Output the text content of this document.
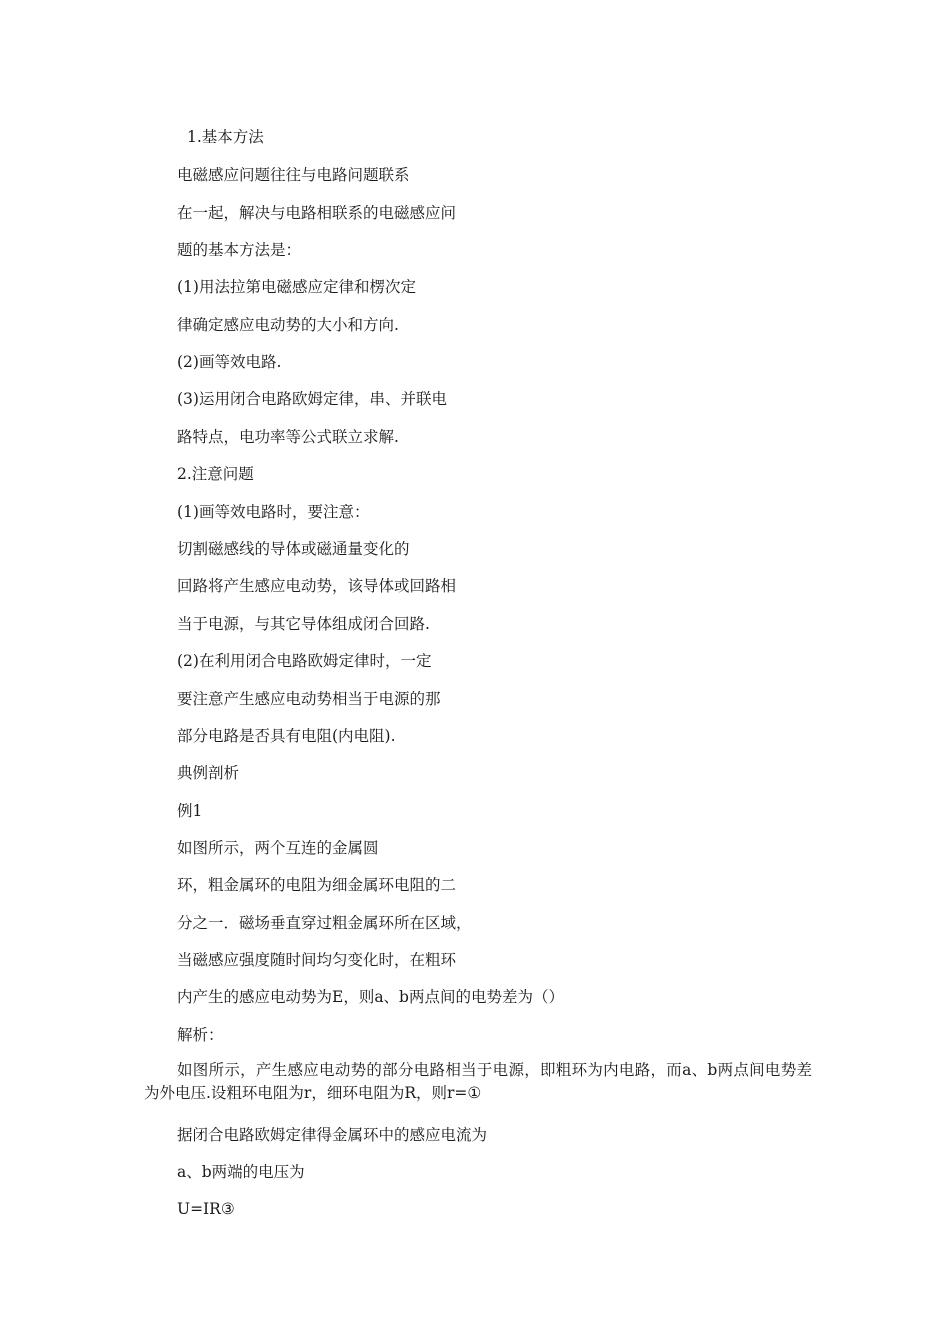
1.基本方法
电磁感应问题往往与电路问题联系
在一起，解决与电路相联系的电磁感应问
题的基本方法是：
(1)用法拉第电磁感应定律和楞次定
律确定感应电动势的大小和方向.
(2)画等效电路.
(3)运用闭合电路欧姆定律，串、并联电
路特点，电功率等公式联立求解.
2.注意问题
(1)画等效电路时，要注意：
切割磁感线的导体或磁通量变化的
回路将产生感应电动势，该导体或回路相
当于电源，与其它导体组成闭合回路.
(2)在利用闭合电路欧姆定律时，一定
要注意产生感应电动势相当于电源的那
部分电路是否具有电阻(内电阻).
典例剖析
例1
如图所示，两个互连的金属圆
环，粗金属环的电阻为细金属环电阻的二
分之一．磁场垂直穿过粗金属环所在区域，
当磁感应强度随时间均匀变化时，在粗环
内产生的感应电动势为E，则a、b两点间的电势差为（）
解析：
如图所示，产生感应电动势的部分电路相当于电源，即粗环为内电路，而a、b两点间电势差为外电压.设粗环电阻为r，细环电阻为R，则r=①
据闭合电路欧姆定律得金属环中的感应电流为
a、b两端的电压为
U=IR③
